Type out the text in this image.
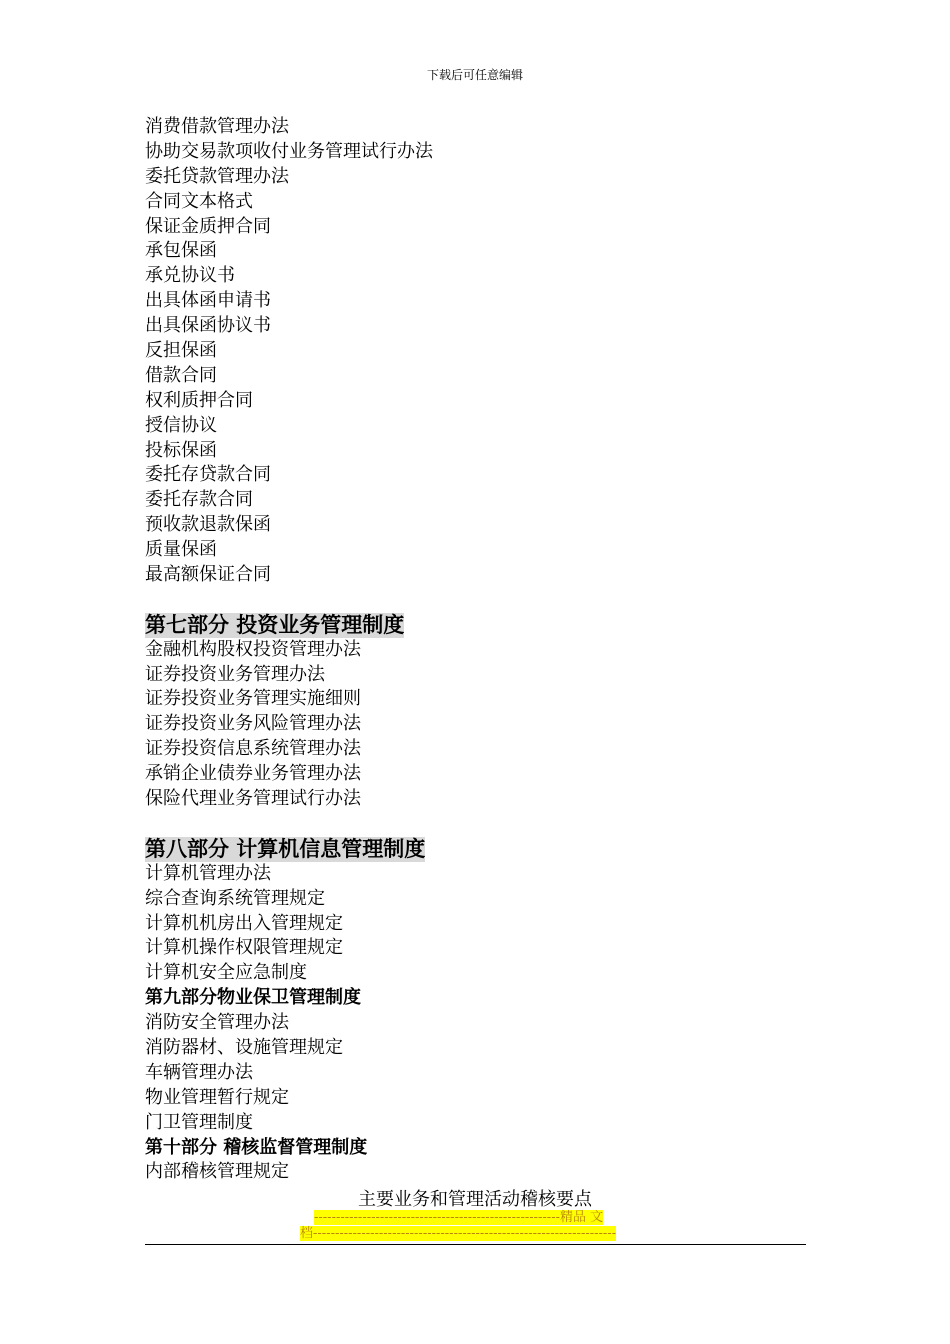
下载后可任意编辑
消费借款管理办法
协助交易款项收付业务管理试行办法
委托贷款管理办法
合同文本格式
保证金质押合同
承包保函
承兑协议书
出具体函申请书
出具保函协议书
反担保函
借款合同
权利质押合同
授信协议
投标保函
委托存贷款合同
委托存款合同
预收款退款保函
质量保函
最高额保证合同
第七部分 投资业务管理制度
金融机构股权投资管理办法
证券投资业务管理办法
证券投资业务管理实施细则
证券投资业务风险管理办法
证券投资信息系统管理办法
承销企业债券业务管理办法
保险代理业务管理试行办法
第八部分 计算机信息管理制度
计算机管理办法
综合查询系统管理规定
计算机机房出入管理规定
计算机操作权限管理规定
计算机安全应急制度
第九部分物业保卫管理制度
消防安全管理办法
消防器材、设施管理规定
车辆管理办法
物业管理暂行规定
门卫管理制度
第十部分 稽核监督管理制度
内部稽核管理规定
主要业务和管理活动稽核要点
--------------------------------------------------------精品 文
档---------------------------------------------------------------------
